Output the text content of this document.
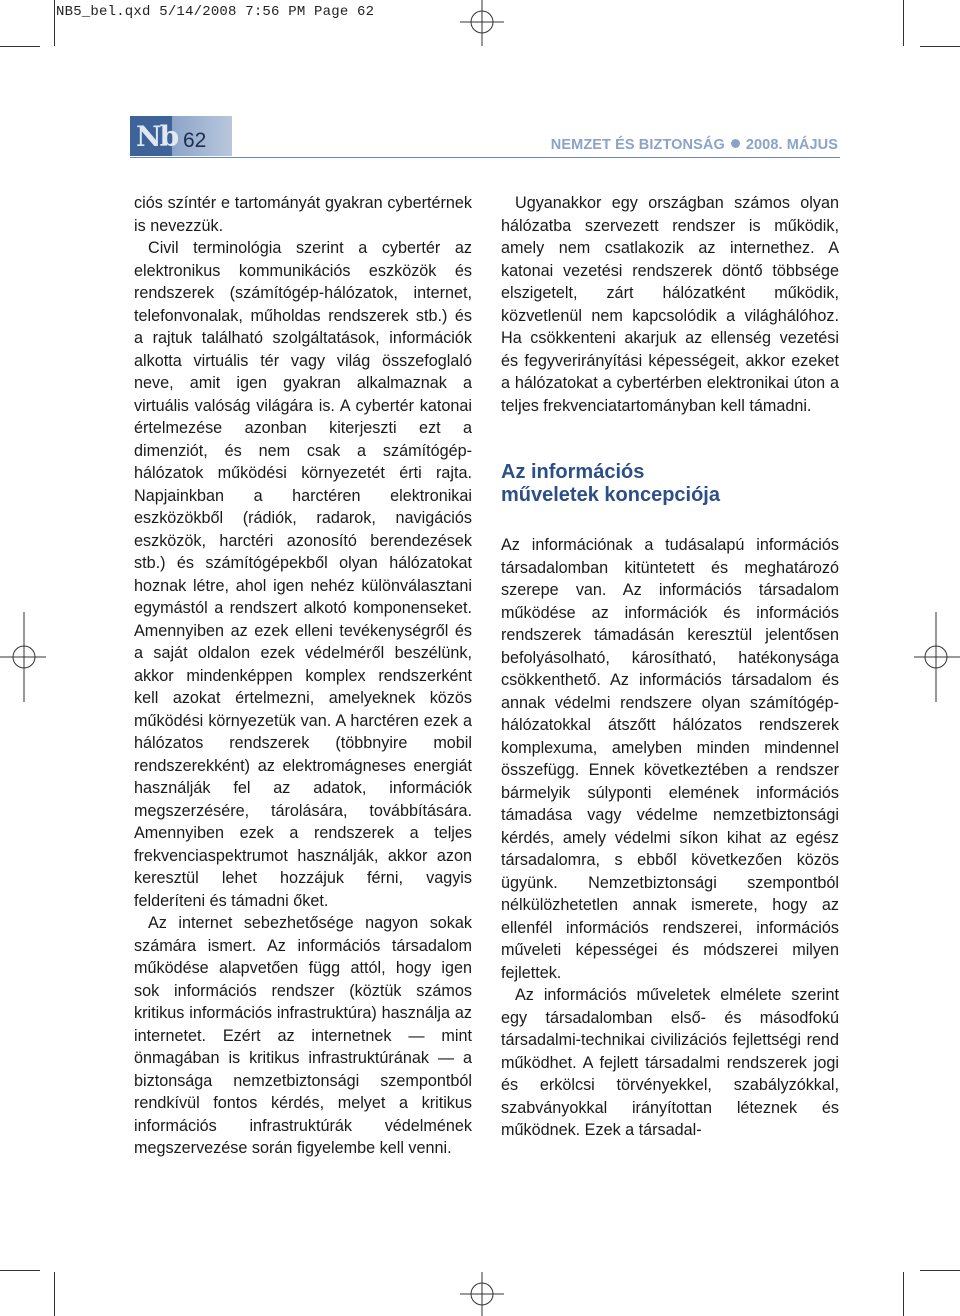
NB5_bel.qxd 5/14/2008 7:56 PM Page 62
Nb 62	NEMZET ÉS BIZTONSÁG 2008. MÁJUS

ciós színtér e tartományát gyakran cybertérnek is nevezzük.

Civil terminológia szerint a cybertér az elektronikus kommunikációs eszközök és rendszerek (számítógép-hálózatok, internet, telefonvonalak, műholdas rendszerek stb.) és a rajtuk található szolgáltatások, információk alkotta virtuális tér vagy világ összefoglaló neve, amit igen gyakran alkalmaznak a virtuális valóság világára is. A cybertér katonai értelmezése azonban kiterjeszti ezt a dimenziót, és nem csak a számítógép-hálózatok működési környezetét érti rajta. Napjainkban a harctéren elektronikai eszközökből (rádiók, radarok, navigációs eszközök, harctéri azonosító berendezések stb.) és számítógépekből olyan hálózatokat hoznak létre, ahol igen nehéz különválasztani egymástól a rendszert alkotó komponenseket. Amennyiben az ezek elleni tevékenységről és a saját oldalon ezek védelméről beszélünk, akkor mindenképpen komplex rendszerként kell azokat értelmezni, amelyeknek közös működési környezetük van. A harctéren ezek a hálózatos rendszerek (többnyire mobil rendszerekként) az elektromágneses energiát használják fel az adatok, információk megszerzésére, tárolására, továbbítására. Amennyiben ezek a rendszerek a teljes frekvenciaspektrumot használják, akkor azon keresztül lehet hozzájuk férni, vagyis felderíteni és támadni őket.

Az internet sebezhetősége nagyon sokak számára ismert. Az információs társadalom működése alapvetően függ attól, hogy igen sok információs rendszer (köztük számos kritikus információs infrastruktúra) használja az internetet. Ezért az internetnek — mint önmagában is kritikus infrastruktúrának — a biztonsága nemzetbiztonsági szempontból rendkívül fontos kérdés, melyet a kritikus információs infrastruktúrák védelmének megszervezése során figyelembe kell venni.

Ugyanakkor egy országban számos olyan hálózatba szervezett rendszer is működik, amely nem csatlakozik az internethez. A katonai vezetési rendszerek döntő többsége elszigetelt, zárt hálózatként működik, közvetlenül nem kapcsolódik a világhálóhoz. Ha csökkenteni akarjuk az ellenség vezetési és fegyverirányítási képességeit, akkor ezeket a hálózatokat a cybertérben elektronikai úton a teljes frekvenciatartományban kell támadni.

Az információs
műveletek koncepciója

Az információnak a tudásalapú információs társadalomban kitüntetett és meghatározó szerepe van. Az információs társadalom működése az információk és információs rendszerek támadásán keresztül jelentősen befolyásolható, károsítható, hatékonysága csökkenthető. Az információs társadalom és annak védelmi rendszere olyan számítógép-hálózatokkal átszőtt hálózatos rendszerek komplexuma, amelyben minden mindennel összefügg. Ennek következtében a rendszer bármelyik súlyponti elemének információs támadása vagy védelme nemzetbiztonsági kérdés, amely védelmi síkon kihat az egész társadalomra, s ebből következően közös ügyünk. Nemzetbiztonsági szempontból nélkülözhetetlen annak ismerete, hogy az ellenfél információs rendszerei, információs műveleti képességei és módszerei milyen fejlettek.

Az információs műveletek elmélete szerint egy társadalomban első- és másodfokú társadalmi-technikai civilizációs fejlettségi rend működhet. A fejlett társadalmi rendszerek jogi és erkölcsi törvényekkel, szabályzókkal, szabványokkal irányítottan léteznek és működnek. Ezek a társadal-
